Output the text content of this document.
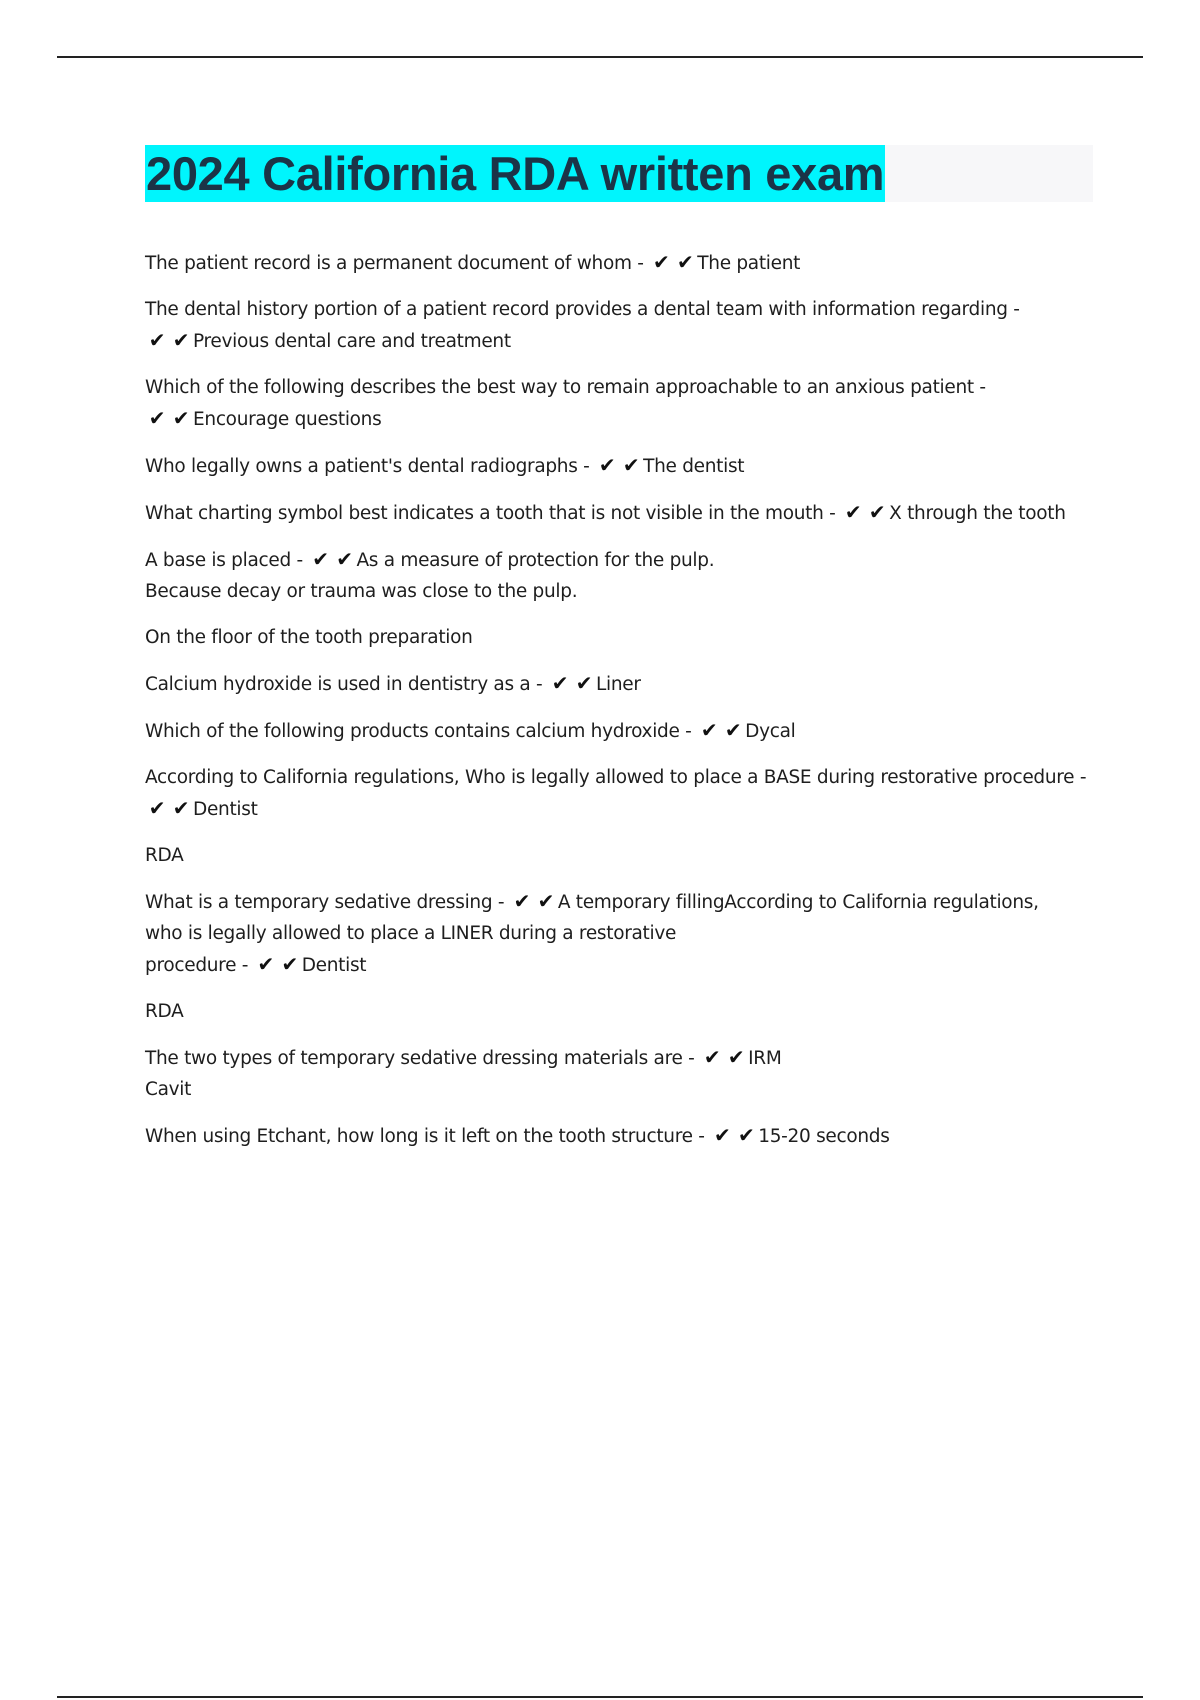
2024 California RDA written exam

The patient record is a permanent document of whom - ✔ ✔ The patient

The dental history portion of a patient record provides a dental team with information regarding -
✔ ✔ Previous dental care and treatment

Which of the following describes the best way to remain approachable to an anxious patient -
✔ ✔ Encourage questions

Who legally owns a patient's dental radiographs - ✔ ✔ The dentist

What charting symbol best indicates a tooth that is not visible in the mouth - ✔ ✔ X through the tooth

A base is placed - ✔ ✔ As a measure of protection for the pulp.
Because decay or trauma was close to the pulp.

On the floor of the tooth preparation

Calcium hydroxide is used in dentistry as a - ✔ ✔ Liner

Which of the following products contains calcium hydroxide - ✔ ✔ Dycal

According to California regulations, Who is legally allowed to place a BASE during restorative procedure -
✔ ✔ Dentist

RDA

What is a temporary sedative dressing - ✔ ✔ A temporary fillingAccording to California regulations,
who is legally allowed to place a LINER during a restorative
procedure - ✔ ✔ Dentist

RDA

The two types of temporary sedative dressing materials are - ✔ ✔ IRM
Cavit

When using Etchant, how long is it left on the tooth structure - ✔ ✔ 15-20 seconds
